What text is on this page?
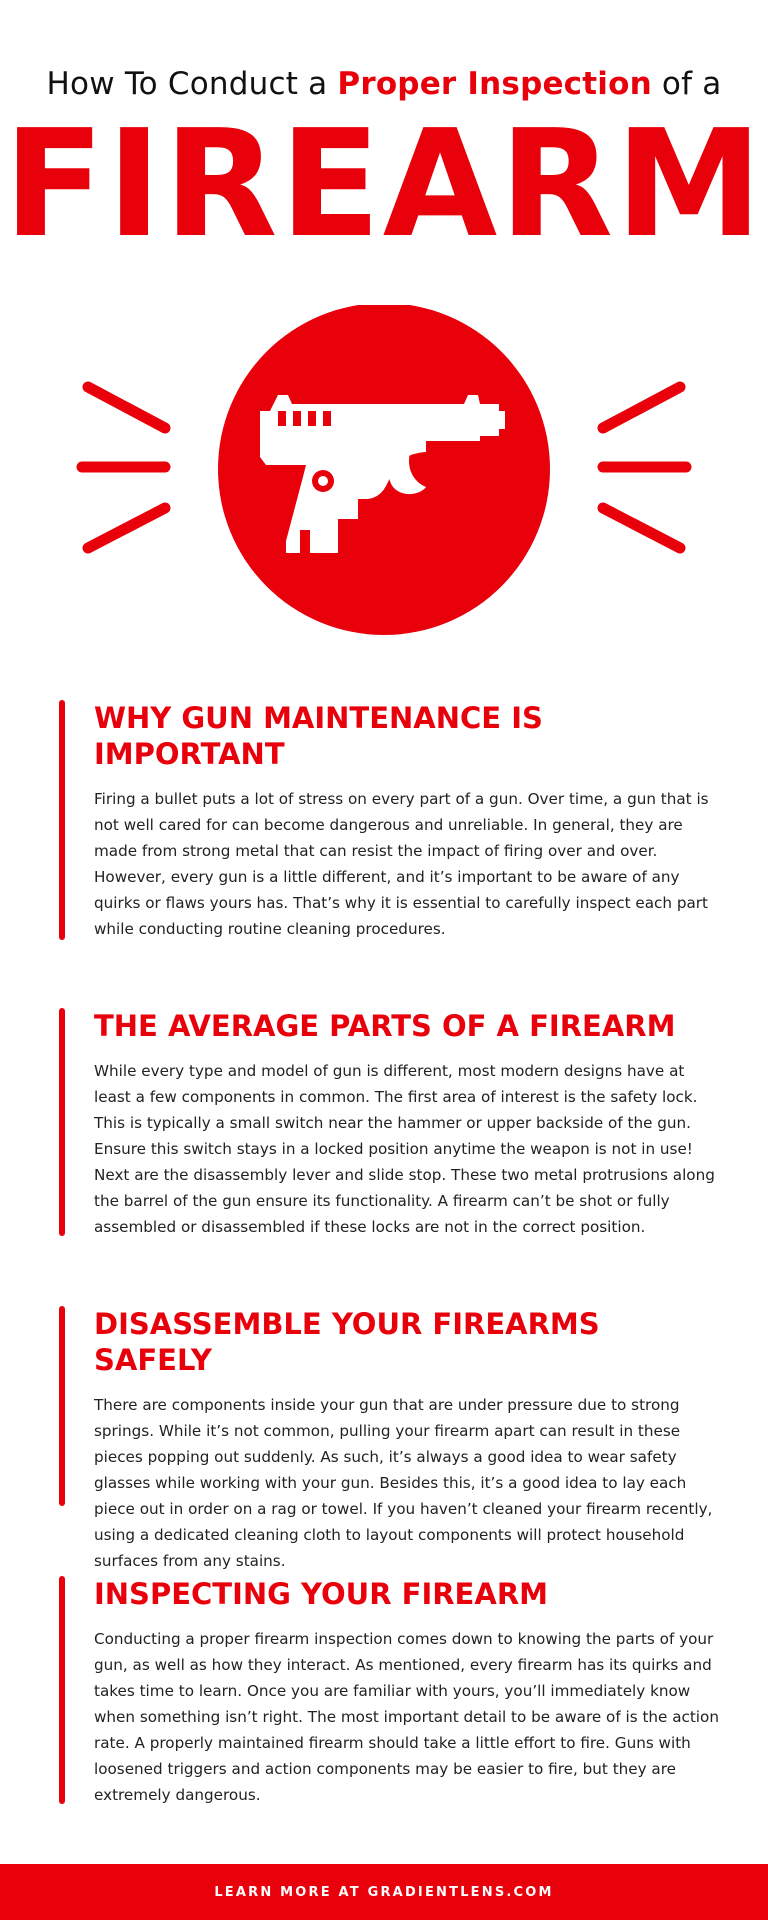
How To Conduct a Proper Inspection of a
FIREARM
WHY GUN MAINTENANCE IS IMPORTANT

Firing a bullet puts a lot of stress on every part of a gun. Over time, a gun that is not well cared for can become dangerous and unreliable. In general, they are made from strong metal that can resist the impact of firing over and over. However, every gun is a little different, and it’s important to be aware of any quirks or flaws yours has. That’s why it is essential to carefully inspect each part while conducting routine cleaning procedures.

THE AVERAGE PARTS OF A FIREARM

While every type and model of gun is different, most modern designs have at least a few components in common. The first area of interest is the safety lock. This is typically a small switch near the hammer or upper backside of the gun. Ensure this switch stays in a locked position anytime the weapon is not in use! Next are the disassembly lever and slide stop. These two metal protrusions along the barrel of the gun ensure its functionality. A firearm can’t be shot or fully assembled or disassembled if these locks are not in the correct position.

DISASSEMBLE YOUR FIREARMS SAFELY

There are components inside your gun that are under pressure due to strong springs. While it’s not common, pulling your firearm apart can result in these pieces popping out suddenly. As such, it’s always a good idea to wear safety glasses while working with your gun. Besides this, it’s a good idea to lay each piece out in order on a rag or towel. If you haven’t cleaned your firearm recently, using a dedicated cleaning cloth to layout components will protect household surfaces from any stains.

INSPECTING YOUR FIREARM

Conducting a proper firearm inspection comes down to knowing the parts of your gun, as well as how they interact. As mentioned, every firearm has its quirks and takes time to learn. Once you are familiar with yours, you’ll immediately know when something isn’t right. The most important detail to be aware of is the action rate. A properly maintained firearm should take a little effort to fire. Guns with loosened triggers and action components may be easier to fire, but they are extremely dangerous.

LEARN MORE AT GRADIENTLENS.COM
